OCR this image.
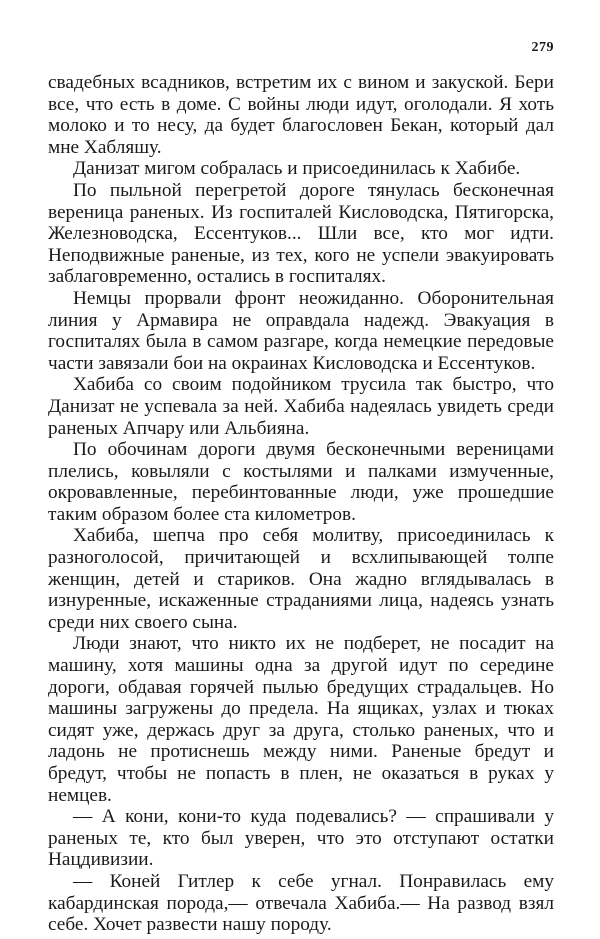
279

свадебных всадников, встретим их с вином и закуской. Бери все, что есть в доме. С войны люди идут, оголодали. Я хоть молоко и то несу, да будет благословен Бекан, который дал мне Хабляшу.

Данизат мигом собралась и присоединилась к Хабибе.

По пыльной перегретой дороге тянулась бесконечная вереница раненых. Из госпиталей Кисловодска, Пятигорска, Железноводска, Ессентуков... Шли все, кто мог идти. Неподвижные раненые, из тех, кого не успели эвакуировать заблаговременно, остались в госпиталях.

Немцы прорвали фронт неожиданно. Оборонительная линия у Армавира не оправдала надежд. Эвакуация в госпиталях была в самом разгаре, когда немецкие передовые части завязали бои на окраинах Кисловодска и Ессентуков.

Хабиба со своим подойником трусила так быстро, что Данизат не успевала за ней. Хабиба надеялась увидеть среди раненых Апчару или Альбияна.

По обочинам дороги двумя бесконечными вереницами плелись, ковыляли с костылями и палками измученные, окровавленные, перебинтованные люди, уже прошедшие таким образом более ста километров.

Хабиба, шепча про себя молитву, присоединилась к разноголосой, причитающей и всхлипывающей толпе женщин, детей и стариков. Она жадно вглядывалась в изнуренные, искаженные страданиями лица, надеясь узнать среди них своего сына.

Люди знают, что никто их не подберет, не посадит на машину, хотя машины одна за другой идут по середине дороги, обдавая горячей пылью бредущих страдальцев. Но машины загружены до предела. На ящиках, узлах и тюках сидят уже, держась друг за друга, столько раненых, что и ладонь не протиснешь между ними. Раненые бредут и бредут, чтобы не попасть в плен, не оказаться в руках у немцев.

— А кони, кони-то куда подевались? — спрашивали у раненых те, кто был уверен, что это отступают остатки Нацдивизии.

— Коней Гитлер к себе угнал. Понравилась ему кабардинская порода,— отвечала Хабиба.— На развод взял себе. Хочет развести нашу породу.
